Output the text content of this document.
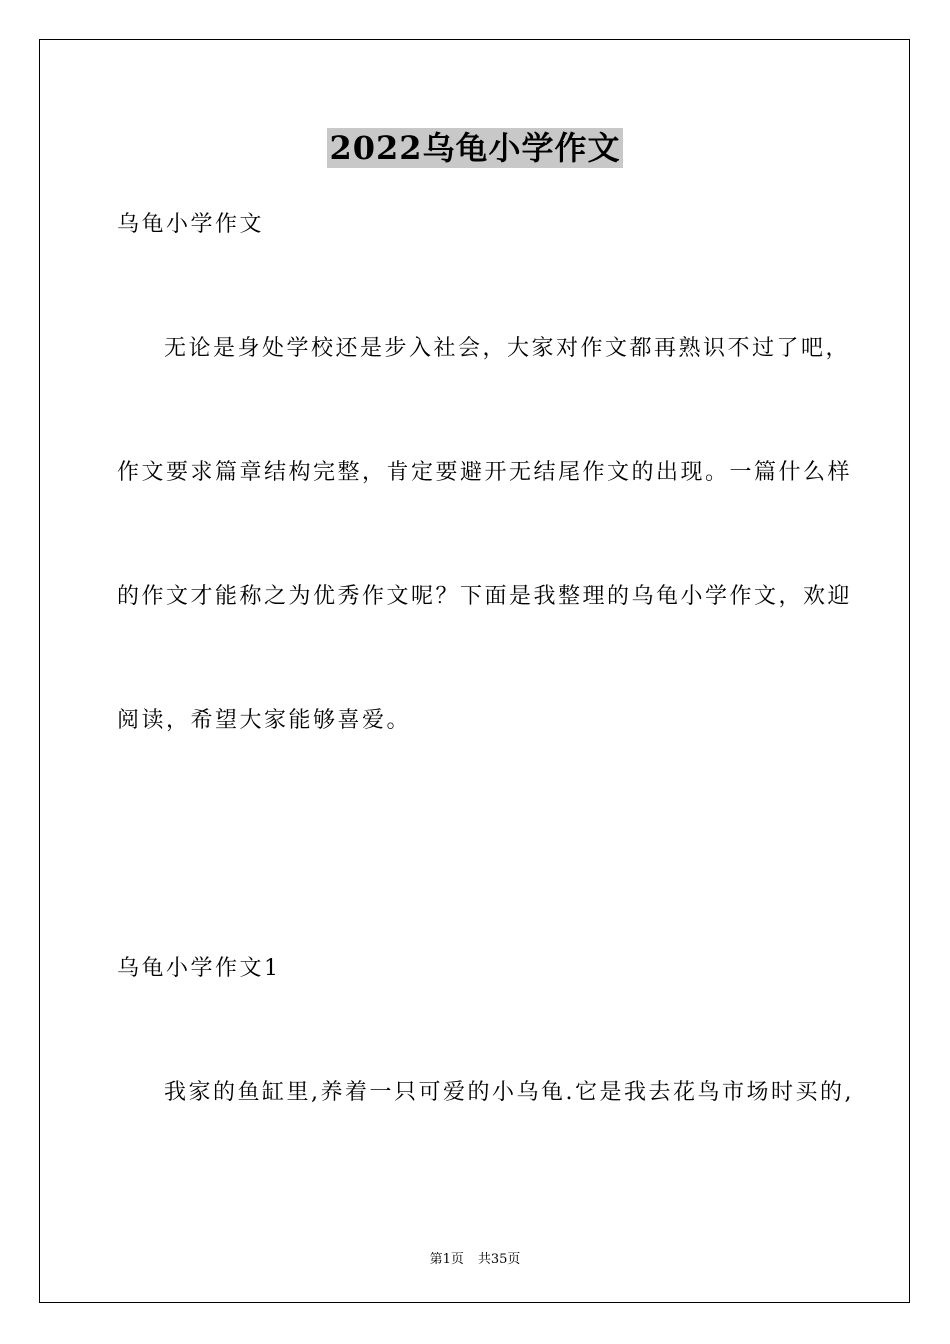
2022乌龟小学作文
乌龟小学作文
无论是身处学校还是步入社会，大家对作文都再熟识不过了吧，
作文要求篇章结构完整，肯定要避开无结尾作文的出现。一篇什么样
的作文才能称之为优秀作文呢？下面是我整理的乌龟小学作文，欢迎
阅读，希望大家能够喜爱。
乌龟小学作文1
我家的鱼缸里,养着一只可爱的小乌龟.它是我去花鸟市场时买的,
第1页 共35页
